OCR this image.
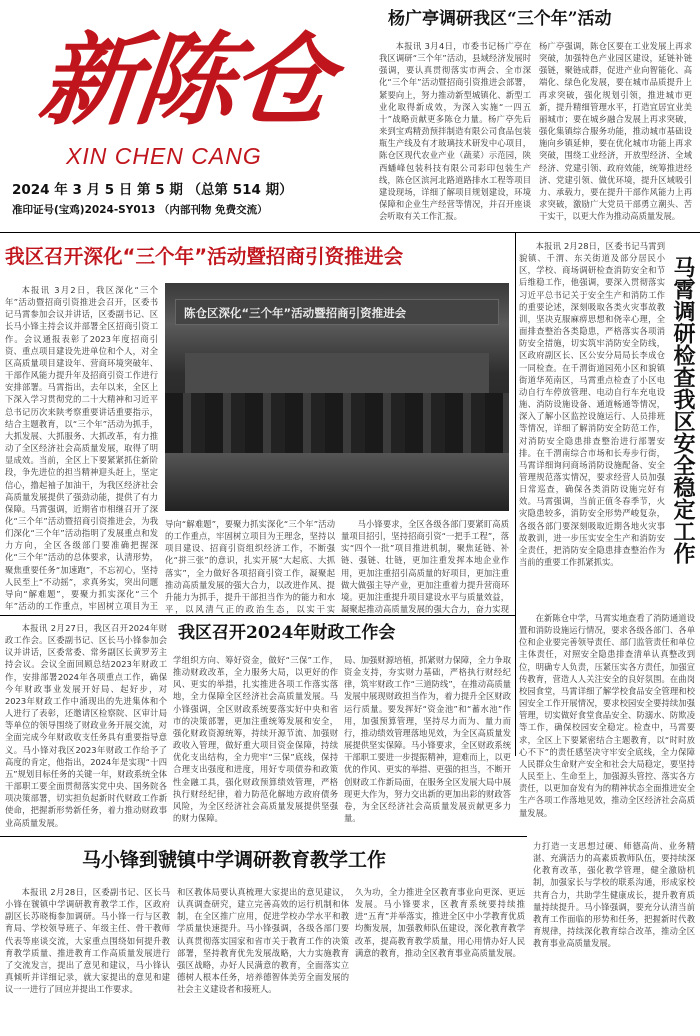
新陈仓
XIN CHEN CANG
2024 年 3 月 5 日 第 5 期 （总第 514 期）
准印证号(宝鸡)2024-SY013 （内部刊物 免费交流）
杨广亭调研我区“三个年”活动
本报讯 3月4日，市委书记杨广亭在我区调研“三个年”活动，县域经济发展时强调，要认真贯彻落实市两会、全市深化“三个年”活动暨招商引资推进会部署，紧要向上，努力推动新型城镇化、新型工业化取得新成效，为深入实施“一四五十”战略贡献更多陈仓力量。杨广亭先后来到宝鸡精劲预拌制造有限公司食品包装瓶生产线及有才玻璃技术研发中心项目，陈仓区现代农业产业（蔬菜）示范园，陕西蟠峰包装科技有限公司彩印包装生产线，陈仓区滨河北路道路排水工程等项目建设现场，详细了解项目规划建设，环境保障和企业生产经营等情况，并召开座谈会听取有关工作汇报。
杨广亭强调，陈仓区要在工业发展上再求突破，加强特色产业园区建设，延链补链强链，聚链成群，促进产业向智能化、高端化、绿色化发展，要在城市品质提升上再求突破，强化规划引领，推进城市更新，提升精细管理水平，打造宜居宜业美丽城市；要在城乡融合发展上再求突破，强化集镇综合服务功能，推动城市基础设施向乡镇延伸，要在优化城市功能上再求突破，围绕工业经济，开放型经济、全域经济、党建引领、政府效能，统筹推进经济、党建引领、做优环境，提升区域吸引力、承载力，要在提升干部作风能力上再求突破，激励广大党员干部勇立潮头、苦干实干，以更大作为推动高质量发展。
我区召开深化“三个年”活动暨招商引资推进会
本报讯 3月2日，我区深化“三个年”活动暨招商引资推进会召开，区委书记马霄参加会议并讲话，区委副书记、区长马小锋主持会议并部署全区招商引资工作。会议通报表彰了2023年度招商引资、重点项目建设先进单位和个人，对全区高质量项目建设年、营商环境突破年、干部作风能力提升年及招商引资工作进行安排部署。马霄指出，去年以来，全区上下深入学习贯彻党的二十大精神和习近平总书记历次来陕考察重要讲话重要指示，结合主题教育，以“三个年”活动为抓手，大抓发展、大抓服务、大抓改革，有力推动了全区经济社会高质量发展，取得了明显成效。当前，全区上下要紧紧抓住新阶段，争先进位的担当精神迎头赶上，坚定信心，撸起袖子加油干，为我区经济社会高质量发展提供了强劲动能，提供了有力保障。马霄强调，近期省市相继召开了深化“三个年”活动暨招商引资推进会，为我们深化“三个年”活动指明了发展重点和发力方向，全区各级部门要准确把握深化“三个年”活动的总体要求，认清形势，聚焦重要任务“加速跑”，不忘初心，坚持人民至上“不动摇”，求真务实，突出问题导向“解难题”，要聚力抓实深化“三个年”活动的工作重点，牢固树立项目为王
陈仓区深化“三个年”活动暨招商引资推进会
导向“解难题”，要聚力抓实深化“三个年”活动的工作重点，牢固树立项目为王理念，坚持以项目建设、招商引资组织经济工作，不断强化“拼三张”的意识，扎实开展“大起底、大抓落实”，全力做好各项招商引资工作，凝聚起推动高质量发展的强大合力，以改进作风、提升能力为抓手，提升干部担当作为的能力和水平，以风清气正的政治生态，以实干实
马小锋要求，全区各级各部门要紧盯高质量项目招引，坚持招商引资“一把手工程”，落实“四个一批”项目推进机制，聚焦延链、补链、强链、壮链，更加注重发挥本地企业作用，更加注重招引高质量的好项目，更加注重做大做强主导产业，更加注重着力提升营商环境。更加注重提升项目建设水平与质量效益，凝聚起推动高质量发展的强大合力，奋力实现
马霄调研检查我区安全稳定工作
本报讯 2月28日，区委书记马霄到貌镇、千渭、东关街道及部分居民小区，学校、商场调研检查消防安全和节后维稳工作，他强调，要深入贯彻落实习近平总书记关于安全生产和消防工作的重要论述，深刻吸取各类火灾事故教训，坚决克服麻痹思想和侥幸心理，全面排查整治各类隐患，严格落实各项消防安全措施，切实筑牢消防安全防线，区政府副区长、区公安分局局长李成仓一同检查。在千渭街道园苑小区和貌镇街道华苑南区，马霄重点检查了小区电动自行车停放管理、电动自行车充电设施、消防设施设备、通道畅通等情况，深入了解小区监控设施运行、人员排班等情况，详细了解消防安全防范工作，对消防安全隐患排查整治进行部署安排。在千渭南综合市场和长寿步行街，马霄详细询问商场消防设施配备、安全管理规范落实情况，要求经营人员加强日常巡查，确保各类消防设施完好有效。马霄强调，当前正值冬春季节，火灾隐患较多，消防安全形势严峻复杂，各级各部门要深刻吸取近期各地火灾事故教训，进一步压实安全生产和消防安全责任，把消防安全隐患排查整治作为当前的重要工作抓紧抓实。
在新陈仓中学，马霄实地查看了消防通道设置和消防设施运行情况，要求各级各部门、各单位和企业要完善领导责任、部门监管责任和单位主体责任，对照安全隐患排查清单认真整改到位，明确专人负责，压紧压实各方责任，加强宣传教育，营造人人关注安全的良好氛围。在曲岗校园食堂，马霄详细了解学校食品安全管理和校园安全工作开展情况，要求校园安全要持续加强管理，切实做好食堂食品安全、防溺水、防欺凌等工作，确保校园安全稳定。检查中，马霄要求，全区上下要紧密结合主题教育，以“时时放心不下”的责任感坚决守牢安全底线，全力保障人民群众生命财产安全和社会大局稳定，要坚持人民至上、生命至上，加强源头管控、落实各方责任，以更加奋发有为的精神状态全面推进安全生产各项工作落地见效，推动全区经济社会高质量发展。
我区召开2024年财政工作会
本报讯 2月27日，我区召开2024年财政工作会。区委副书记、区长马小锋参加会议并讲话，区委常委、常务副区长黄罗芳主持会议。会议全面回顾总结2023年财政工作，安排部署2024年各项重点工作，确保今年财政事业发展开好局、起好步，对2023年财政工作中涌现出的先进集体和个人进行了表彰，还邀请区检察院、区审计局等单位的领导围绕了财政业务开展交流，对全面完成今年财政收支任务具有重要指导意义。马小锋对我区2023年财政工作给予了高度的肯定，他指出，2024年是实现“十四五”规划目标任务的关键一年，财政系统全体干部职工要全面贯彻落实党中央、国务院各项决策部署，切实担负起新时代财政工作新使命，把握新形势新任务，着力推动财政事业高质量发展。
学组织方向、筹好资金，做好“三保”工作，推动财政改革，全力服务大局，以更好的作风、更实的举措，扎实推进各项工作落实落地，全力保障全区经济社会高质量发展。马小锋强调，全区财政系统要落实好中央和省市的决策部署，更加注重统筹发展和安全，强化财政资源统筹，持续开源节流、加强财政收入管理，做好重大项目资金保障，持续优化支出结构，全力兜牢“三保”底线，保持合理支出强度和进度，用好专项债券和政策性金融工具，强化财政预算绩效管理，严格执行财经纪律，着力防范化解地方政府债务风险，为全区经济社会高质量发展提供坚强的财力保障。
局、加强财源培植，抓紧财力保障，全力争取资金支持，夯实财力基础，严格执行财经纪律，筑牢财政工作“三道防线”，在推动高质量发展中展现财政担当作为，着力提升全区财政运行质量。要发挥好“资金池”和“蓄水池”作用，加强预算管理，坚持尽力而为、量力而行，推动绩效管理落地见效，为全区高质量发展提供坚实保障。马小锋要求，全区财政系统干部职工要进一步提振精神，迎难而上，以更优的作风、更实的举措、更强的担当，不断开创财政工作新局面，在服务全区发展大局中展现更大作为，努力交出新的更加出彩的财政答卷，为全区经济社会高质量发展贡献更多力量。
马小锋到虢镇中学调研教育教学工作
本报讯 2月28日，区委副书记、区长马小锋在虢镇中学调研教育教学工作，区政府副区长苏晓梅参加调研。马小锋一行与区教育局、学校领导班子、年级主任、骨干教师代表等座谈交流，大家重点围绕如何提升教育教学质量、推进教育工作高质量发展进行了交流发言，提出了意见和建议，马小锋认真倾听并详细记录，就大家提出的意见和建议一一进行了回应并提出工作要求。
和区教体局要认真梳理大家提出的意见建议，认真调查研究，建立完善高效的运行机制和体制，在全区推广应用，促进学校办学水平和教学质量快速提升。马小锋强调，各级各部门要认真贯彻落实国家和省市关于教育工作的决策部署，坚持教育优先发展战略，大力实施教育强区战略，办好人民满意的教育，全面落实立德树人根本任务，培养德智体美劳全面发展的社会主义建设者和接班人。
久为功，全力推进全区教育事业向更深、更远发展。马小锋要求，区教育系统要持续推进“五育”并举落实，推进全区中小学教育优质均衡发展，加强教师队伍建设，深化教育教学改革，提高教育教学质量，用心用情办好人民满意的教育，推动全区教育事业高质量发展。
力打造一支思想过硬、师德高尚、业务精湛、充满活力的高素质教师队伍，要持续深化教育改革，强化教学管理，健全激励机制，加强家长与学校的联系沟通，形成家校共育合力，共助学生健康成长，提升教育质量持续提升。马小锋强调，要充分认清当前教育工作面临的形势和任务，把握新时代教育规律，持续深化教育综合改革，推动全区教育事业高质量发展。
